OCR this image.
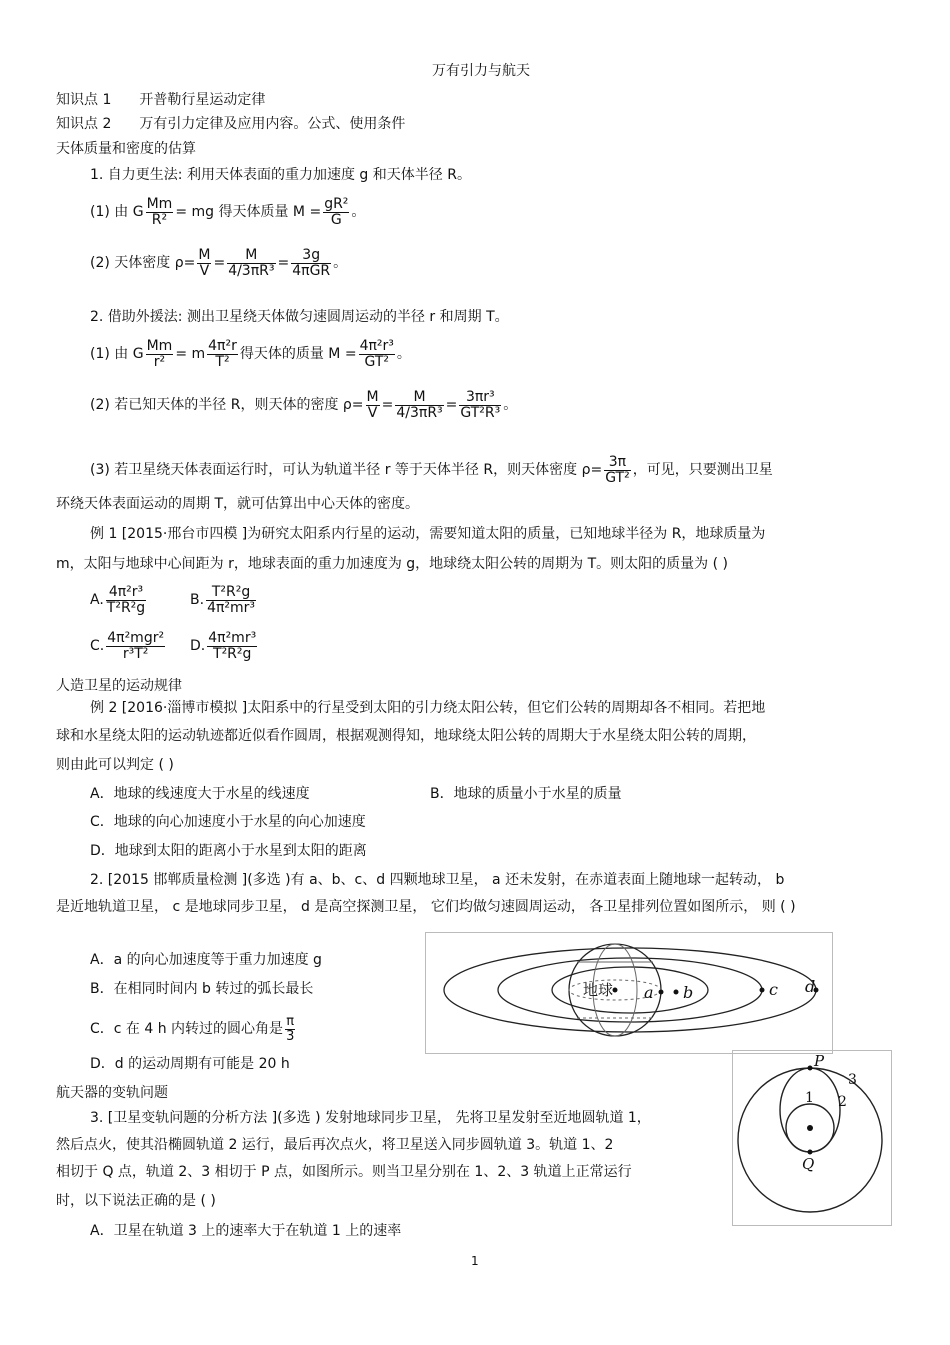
万有引力与航天
知识点 1　　开普勒行星运动定律
知识点 2　　万有引力定律及应用内容。公式、使用条件
天体质量和密度的估算
1. 自力更生法: 利用天体表面的重力加速度 g 和天体半径 R。
(1) 由 G $\frac{Mm}{\text{R²}}$ = mg 得天体质量 $M = \frac{\text{gR²}}{G}$ 。
(2) 天体密度 $\rho= \frac{M}{V} = \frac{M}{\text{4/3πR³}} = \frac{3g}{\text{4πGR}}$ 。
2. 借助外援法: 测出卫星绕天体做匀速圆周运动的半径 r 和周期 T。
(1) 由 G $\frac{Mm}{\text{r²}} = m \frac{\text{4π²r}}{\text{T²}}$ 得天体的质量 $M = \frac{\text{4π²r³}}{\text{GT²}}$ 。
(2) 若已知天体的半径 R，则天体的密度 $\rho= \frac{M}{V} = \frac{M}{\text{4/3πR³}} = \frac{\text{3πr³}}{\text{GT²R³}}$ 。
(3) 若卫星绕天体表面运行时，可认为轨道半径 r 等于天体半径 R，则天体密度 $\rho= \frac{3\pi}{\text{GT²}}$ ，可见，只要测出卫星
环绕天体表面运动的周期 T，就可估算出中心天体的密度。
例 1 [2015·邢台市四模 ]为研究太阳系内行星的运动，需要知道太阳的质量，已知地球半径为 R，地球质量为
m，太阳与地球中心间距为 r，地球表面的重力加速度为 g，地球绕太阳公转的周期为 T。则太阳的质量为 ( )
A. $\frac{\text{4π²r³}}{\text{T²R²g}}$	B. $\frac{\text{T²R²g}}{\text{4π²mr³}}$
C. $\frac{\text{4π²mgr²}}{\text{r³T²}} D$. $\frac{\text{4π²mr³}}{\text{T²R²g}}$
人造卫星的运动规律
例 2 [2016·淄博市模拟 ]太阳系中的行星受到太阳的引力绕太阳公转，但它们公转的周期却各不相同。若把地
球和水星绕太阳的运动轨迹都近似看作圆周，根据观测得知，地球绕太阳公转的周期大于水星绕太阳公转的周期，
则由此可以判定 ( )
A．地球的线速度大于水星的线速度	B．地球的质量小于水星的质量
C．地球的向心加速度小于水星的向心加速度
D．地球到太阳的距离小于水星到太阳的距离
2. [2015 邯郸质量检测 ](多选 )有 a、b、c、d 四颗地球卫星， a 还未发射，在赤道表面上随地球一起转动， b
是近地轨道卫星， c 是地球同步卫星， d 是高空探测卫星， 它们均做匀速圆周运动， 各卫星排列位置如图所示， 则 ( )
A．a 的向心加速度等于重力加速度 g
B．在相同时间内 b 转过的弧长最长
C．c 在 4 h 内转过的圆心角是 $\frac{\pi}{3}$
D．d 的运动周期有可能是 20 h
地球 a b	c d
航天器的变轨问题
3. [卫星变轨问题的分析方法 ](多选 ) 发射地球同步卫星， 先将卫星发射至近地圆轨道 1，
然后点火，使其沿椭圆轨道 2 运行，最后再次点火，将卫星送入同步圆轨道 3。轨道 1、2
相切于 Q 点，轨道 2、3 相切于 P 点，如图所示。则当卫星分别在 1、2、3 轨道上正常运行
时，以下说法正确的是 ( )
A．卫星在轨道 3 上的速率大于在轨道 1 上的速率
P
Q
1 2
3
1
